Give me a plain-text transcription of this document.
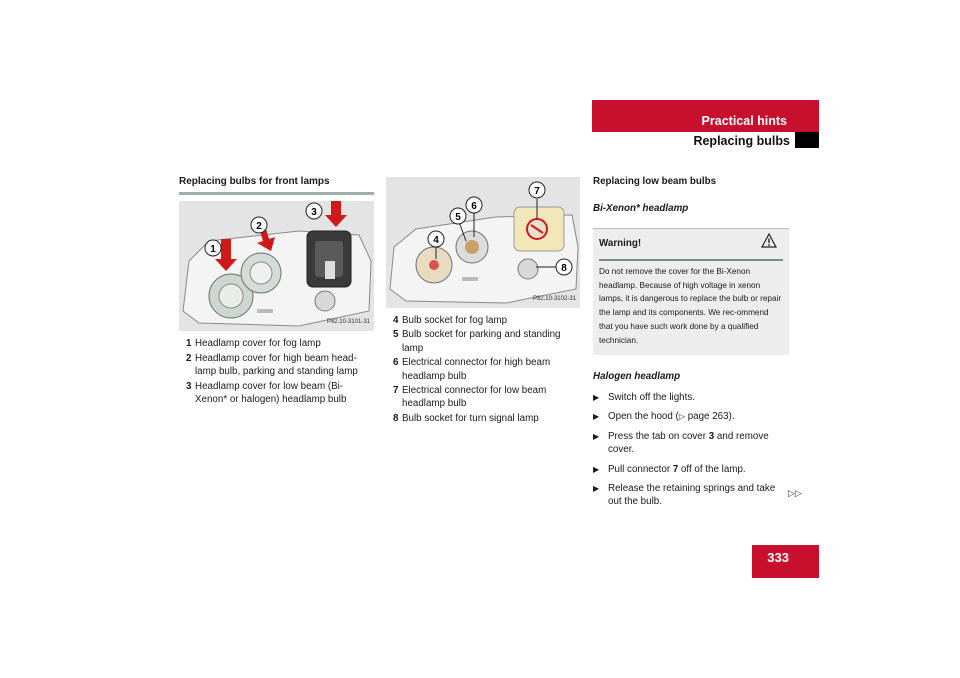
Practical hints
Replacing bulbs
Replacing bulbs for front lamps
1
2
3
P82.10-3101-31
1 Headlamp cover for fog lamp
2 Headlamp cover for high beam head-lamp bulb, parking and standing lamp
3 Headlamp cover for low beam (Bi-Xenon* or halogen) headlamp bulb
4
5
6
7
8
P82.10-3102-31
4 Bulb socket for fog lamp
5 Bulb socket for parking and standing lamp
6 Electrical connector for high beam headlamp bulb
7 Electrical connector for low beam headlamp bulb
8 Bulb socket for turn signal lamp
Replacing low beam bulbs
Bi-Xenon* headlamp
Warning!
Do not remove the cover for the Bi-Xenon headlamp. Because of high voltage in xenon lamps, it is dangerous to replace the bulb or repair the lamp and its components. We rec-ommend that you have such work done by a qualified technician.
Halogen headlamp
▶ Switch off the lights.
▶ Open the hood (▷ page 263).
▶ Press the tab on cover 3 and remove cover.
▶ Pull connector 7 off of the lamp.
▶ Release the retaining springs and take out the bulb.
▷▷
333
